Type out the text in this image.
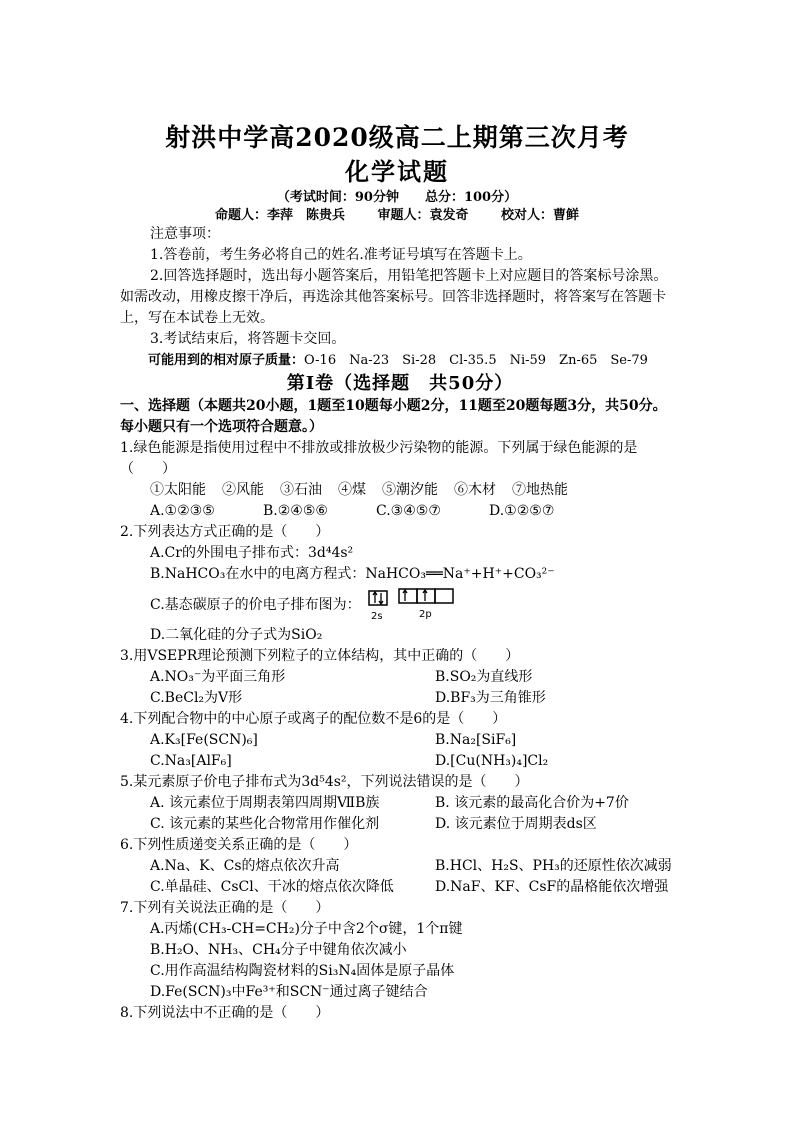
射洪中学高2020级高二上期第三次月考
化学试题
（考试时间：90分钟　　总分：100分）
命题人：李萍　陈贵兵	审题人：袁发奇	校对人：曹鲜

注意事项：

1.答卷前，考生务必将自己的姓名.准考证号填写在答题卡上。

2.回答选择题时，选出每小题答案后，用铅笔把答题卡上对应题目的答案标号涂黑。如需改动，用橡皮擦干净后，再选涂其他答案标号。回答非选择题时，将答案写在答题卡上，写在本试卷上无效。

3.考试结束后，将答题卡交回。

可能用到的相对原子质量：O-16　Na-23　Si-28　Cl-35.5　Ni-59　Zn-65　Se-79

第Ⅰ卷（选择题　共50分）

一、选择题（本题共20小题，1题至10题每小题2分，11题至20题每题3分，共50分。每小题只有一个选项符合题意。）

1.绿色能源是指使用过程中不排放或排放极少污染物的能源。下列属于绿色能源的是（　　）

①太阳能 ②风能 ③石油 ④煤 ⑤潮汐能 ⑥木材 ⑦地热能
A.①②③⑤	B.②④⑤⑥	C.③④⑤⑦	D.①②⑤⑦

2.下列表达方式正确的是（　　）

A.Cr的外围电子排布式：3d⁴4s²

B.NaHCO₃在水中的电离方程式：NaHCO₃══Na⁺+H⁺+CO₃²⁻

C.基态碳原子的价电子排布图为：
2s	2p

D.二氧化硅的分子式为SiO₂

3.用VSEPR理论预测下列粒子的立体结构，其中正确的（　　）

A.NO₃⁻为平面三角形	B.SO₂为直线形
C.BeCl₂为V形	D.BF₃为三角锥形

4.下列配合物中的中心原子或离子的配位数不是6的是（　　）

A.K₃[Fe(SCN)₆]	B.Na₂[SiF₆]
C.Na₃[AlF₆]	D.[Cu(NH₃)₄]Cl₂

5.某元素原子价电子排布式为3d⁵4s²，下列说法错误的是（　　）

A. 该元素位于周期表第四周期ⅦB族	B. 该元素的最高化合价为+7价
C. 该元素的某些化合物常用作催化剂	D. 该元素位于周期表ds区

6.下列性质递变关系正确的是（　　）

A.Na、K、Cs的熔点依次升高	B.HCl、H₂S、PH₃的还原性依次减弱
C.单晶硅、CsCl、干冰的熔点依次降低	D.NaF、KF、CsF的晶格能依次增强

7.下列有关说法正确的是（　　）

A.丙烯(CH₃-CH=CH₂)分子中含2个σ键，1个π键

B.H₂O、NH₃、CH₄分子中键角依次减小

C.用作高温结构陶瓷材料的Si₃N₄固体是原子晶体

D.Fe(SCN)₃中Fe³⁺和SCN⁻通过离子键结合

8.下列说法中不正确的是（　　）
